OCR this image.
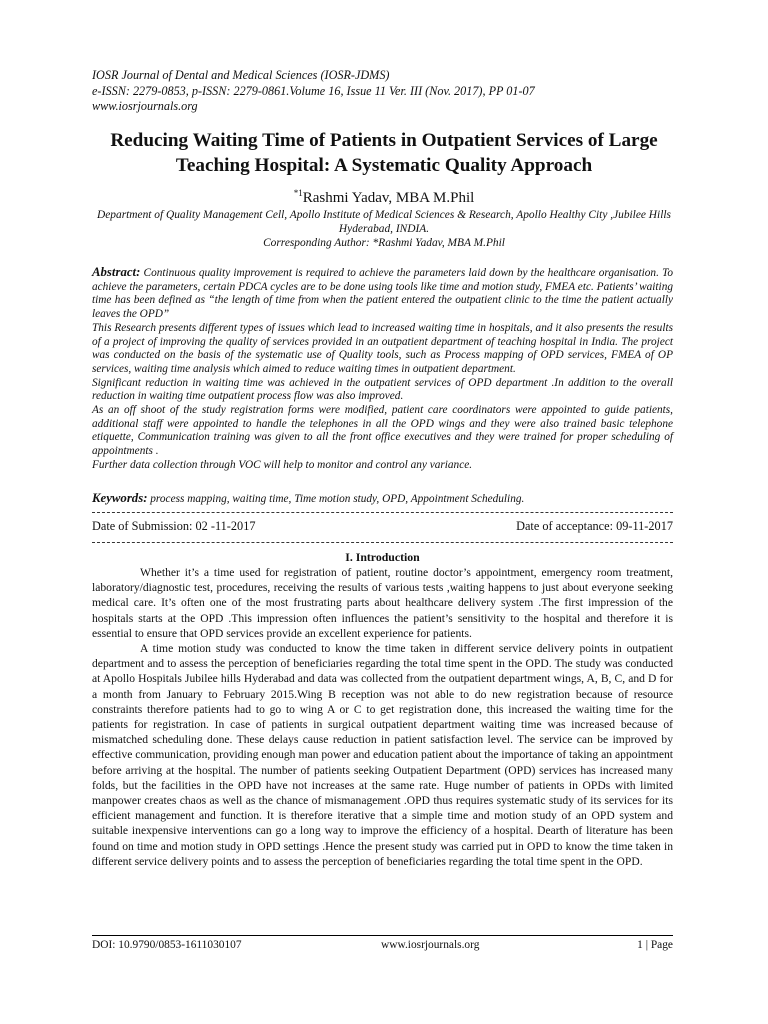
IOSR Journal of Dental and Medical Sciences (IOSR-JDMS)
e-ISSN: 2279-0853, p-ISSN: 2279-0861.Volume 16, Issue 11 Ver. III (Nov. 2017), PP 01-07
www.iosrjournals.org
Reducing Waiting Time of Patients in Outpatient Services of Large Teaching Hospital: A Systematic Quality Approach
$^{*1}$Rashmi Yadav, MBA M.Phil
Department of Quality Management Cell, Apollo Institute of Medical Sciences & Research, Apollo Healthy City ,Jubilee Hills Hyderabad, INDIA.
Corresponding Author: *Rashmi Yadav, MBA M.Phil

Abstract: Continuous quality improvement is required to achieve the parameters laid down by the healthcare organisation. To achieve the parameters, certain PDCA cycles are to be done using tools like time and motion study, FMEA etc. Patients’ waiting time has been defined as “the length of time from when the patient entered the outpatient clinic to the time the patient actually leaves the OPD”

This Research presents different types of issues which lead to increased waiting time in hospitals, and it also presents the results of a project of improving the quality of services provided in an outpatient department of teaching hospital in India. The project was conducted on the basis of the systematic use of Quality tools, such as Process mapping of OPD services, FMEA of OP services, waiting time analysis which aimed to reduce waiting times in outpatient department.

Significant reduction in waiting time was achieved in the outpatient services of OPD department .In addition to the overall reduction in waiting time outpatient process flow was also improved.

As an off shoot of the study registration forms were modified, patient care coordinators were appointed to guide patients, additional staff were appointed to handle the telephones in all the OPD wings and they were also trained basic telephone etiquette, Communication training was given to all the front office executives and they were trained for proper scheduling of appointments .

Further data collection through VOC will help to monitor and control any variance.

Keywords: process mapping, waiting time, Time motion study, OPD, Appointment Scheduling.
Date of Submission: 02 -11-2017	Date of acceptance: 09-11-2017
I. Introduction

Whether it’s a time used for registration of patient, routine doctor’s appointment, emergency room treatment, laboratory/diagnostic test, procedures, receiving the results of various tests ,waiting happens to just about everyone seeking medical care. It’s often one of the most frustrating parts about healthcare delivery system .The first impression of the hospitals starts at the OPD .This impression often influences the patient’s sensitivity to the hospital and therefore it is essential to ensure that OPD services provide an excellent experience for patients.

A time motion study was conducted to know the time taken in different service delivery points in outpatient department and to assess the perception of beneficiaries regarding the total time spent in the OPD. The study was conducted at Apollo Hospitals Jubilee hills Hyderabad and data was collected from the outpatient department wings, A, B, C, and D for a month from January to February 2015.Wing B reception was not able to do new registration because of resource constraints therefore patients had to go to wing A or C to get registration done, this increased the waiting time for the patients for registration. In case of patients in surgical outpatient department waiting time was increased because of mismatched scheduling done. These delays cause reduction in patient satisfaction level. The service can be improved by effective communication, providing enough man power and education patient about the importance of taking an appointment before arriving at the hospital. The number of patients seeking Outpatient Department (OPD) services has increased many folds, but the facilities in the OPD have not increases at the same rate. Huge number of patients in OPDs with limited manpower creates chaos as well as the chance of mismanagement .OPD thus requires systematic study of its services for its efficient management and function. It is therefore iterative that a simple time and motion study of an OPD system and suitable inexpensive interventions can go a long way to improve the efficiency of a hospital. Dearth of literature has been found on time and motion study in OPD settings .Hence the present study was carried put in OPD to know the time taken in different service delivery points and to assess the perception of beneficiaries regarding the total time spent in the OPD.

DOI: 10.9790/0853-1611030107	www.iosrjournals.org	1 | Page
